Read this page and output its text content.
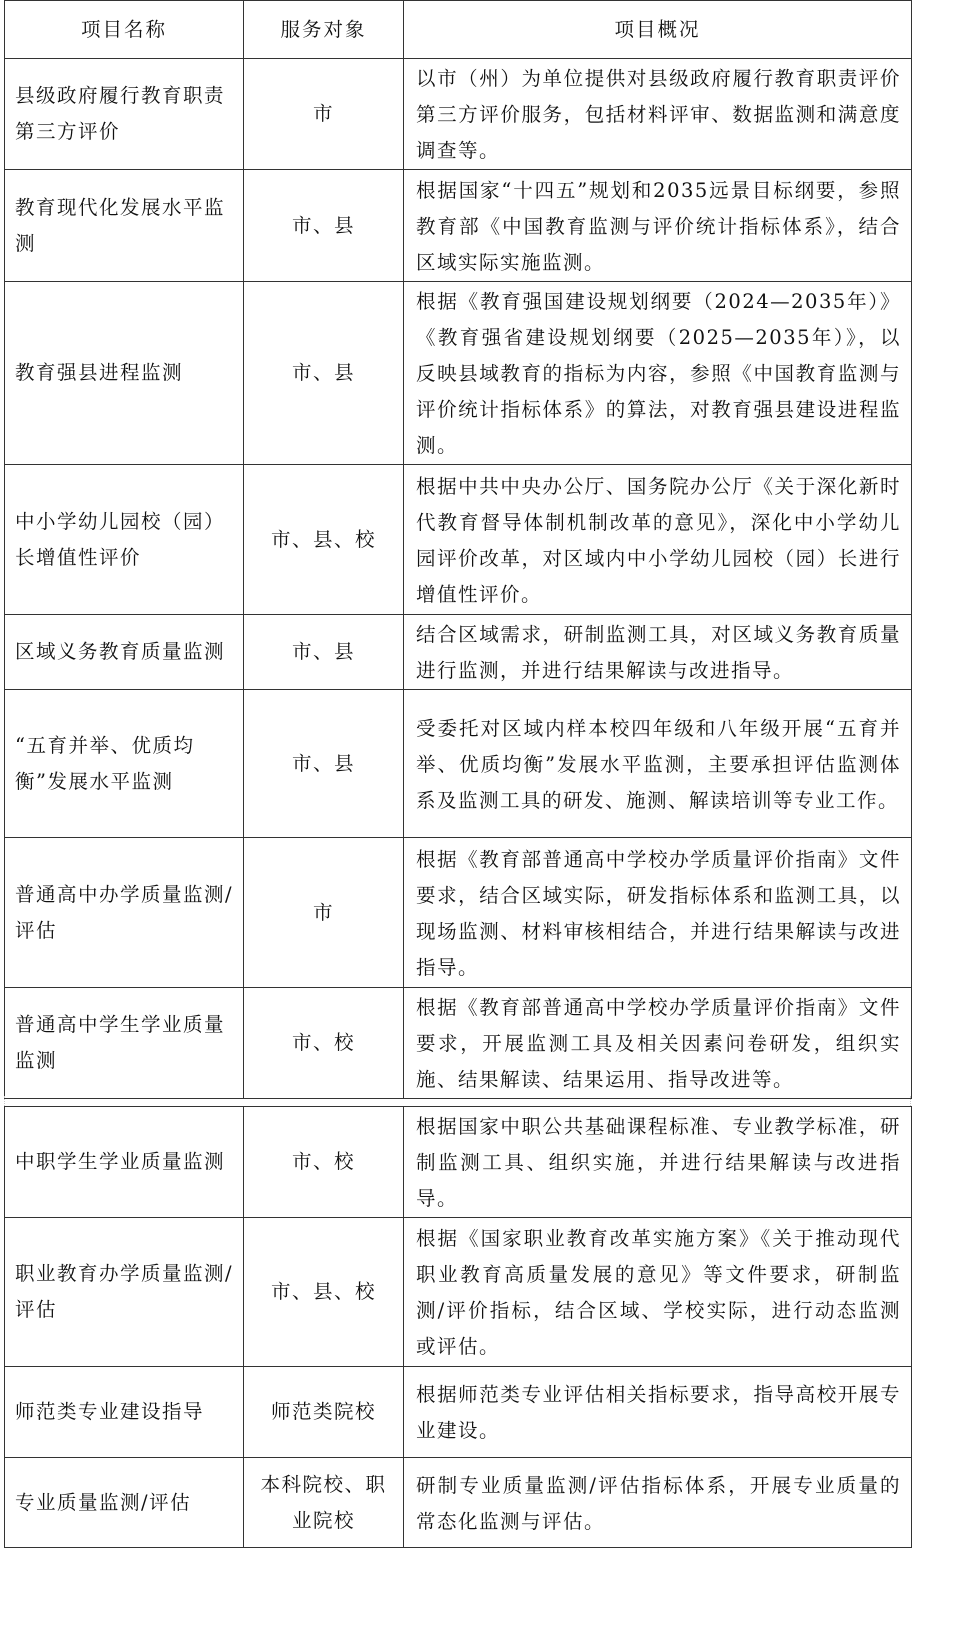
项目名称	服务对象	项目概况
县级政府履行教育职责第三方评价	市	以市（州）为单位提供对县级政府履行教育职责评价第三方评价服务，包括材料评审、数据监测和满意度调查等。
教育现代化发展水平监测	市、县	根据国家“十四五”规划和2035远景目标纲要，参照教育部《中国教育监测与评价统计指标体系》，结合区域实际实施监测。
教育强县进程监测	市、县	根据《教育强国建设规划纲要（2024—2035年）》《教育强省建设规划纲要（2025—2035年）》，以反映县域教育的指标为内容，参照《中国教育监测与评价统计指标体系》的算法，对教育强县建设进程监测。
中小学幼儿园校（园）长增值性评价	市、县、校	根据中共中央办公厅、国务院办公厅《关于深化新时代教育督导体制机制改革的意见》，深化中小学幼儿园评价改革，对区域内中小学幼儿园校（园）长进行增值性评价。
区域义务教育质量监测	市、县	结合区域需求，研制监测工具，对区域义务教育质量进行监测，并进行结果解读与改进指导。
“五育并举、优质均衡”发展水平监测	市、县	受委托对区域内样本校四年级和八年级开展“五育并举、优质均衡”发展水平监测，主要承担评估监测体系及监测工具的研发、施测、解读培训等专业工作。
普通高中办学质量监测/评估	市	根据《教育部普通高中学校办学质量评价指南》文件要求，结合区域实际，研发指标体系和监测工具，以现场监测、材料审核相结合，并进行结果解读与改进指导。
普通高中学生学业质量监测	市、校	根据《教育部普通高中学校办学质量评价指南》文件要求，开展监测工具及相关因素问卷研发，组织实施、结果解读、结果运用、指导改进等。
中职学生学业质量监测	市、校	根据国家中职公共基础课程标准、专业教学标准，研制监测工具、组织实施，并进行结果解读与改进指导。
职业教育办学质量监测/评估	市、县、校	根据《国家职业教育改革实施方案》《关于推动现代职业教育高质量发展的意见》等文件要求，研制监测/评价指标，结合区域、学校实际，进行动态监测或评估。
师范类专业建设指导	师范类院校	根据师范类专业评估相关指标要求，指导高校开展专业建设。
专业质量监测/评估	本科院校、职业院校	研制专业质量监测/评估指标体系，开展专业质量的常态化监测与评估。
